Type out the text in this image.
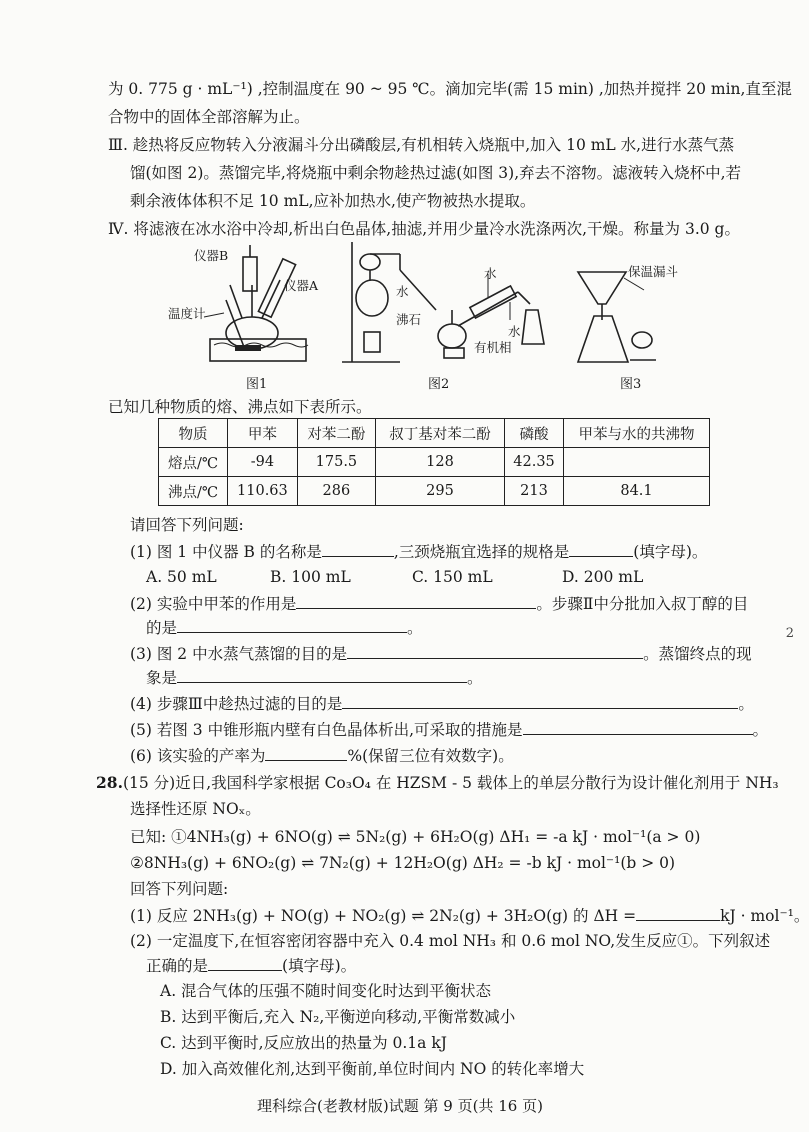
为 0. 775 g · mL⁻¹) ,控制温度在 90 ~ 95 ℃。滴加完毕(需 15 min) ,加热并搅拌 20 min,直至混
合物中的固体全部溶解为止。
Ⅲ. 趁热将反应物转入分液漏斗分出磷酸层,有机相转入烧瓶中,加入 10 mL 水,进行水蒸气蒸
馏(如图 2)。蒸馏完毕,将烧瓶中剩余物趁热过滤(如图 3),弃去不溶物。滤液转入烧杯中,若
剩余液体体积不足 10 mL,应补加热水,使产物被热水提取。
Ⅳ. 将滤液在冰水浴中冷却,析出白色晶体,抽滤,并用少量冷水洗涤两次,干燥。称量为 3.0 g。
仪器B
仪器A
温度计
图1
水
沸石
水
水
有机相
图2
保温漏斗
图3
已知几种物质的熔、沸点如下表所示。
物质	甲苯	对苯二酚	叔丁基对苯二酚	磷酸	甲苯与水的共沸物
熔点/℃	-94	175.5	128	42.35	
沸点/℃	110.63	286	295	213	84.1
请回答下列问题:
(1) 图 1 中仪器 B 的名称是	,三颈烧瓶宜选择的规格是	(填字母)。
A. 50 mL	B. 100 mL	C. 150 mL	D. 200 mL
(2) 实验中甲苯的作用是	。步骤Ⅱ中分批加入叔丁醇的目
的是	。
(3) 图 2 中水蒸气蒸馏的目的是	。蒸馏终点的现
象是	。
(4) 步骤Ⅲ中趁热过滤的目的是	。
(5) 若图 3 中锥形瓶内壁有白色晶体析出,可采取的措施是	。
(6) 该实验的产率为	%(保留三位有效数字)。
28.(15 分)近日,我国科学家根据 Co₃O₄ 在 HZSM - 5 载体上的单层分散行为设计催化剂用于 NH₃
选择性还原 NOₓ。
已知: ①4NH₃(g) + 6NO(g) ⇌ 5N₂(g) + 6H₂O(g) ΔH₁ = -a kJ · mol⁻¹(a > 0)
②8NH₃(g) + 6NO₂(g) ⇌ 7N₂(g) + 12H₂O(g) ΔH₂ = -b kJ · mol⁻¹(b > 0)
回答下列问题:
(1) 反应 2NH₃(g) + NO(g) + NO₂(g) ⇌ 2N₂(g) + 3H₂O(g) 的 ΔH =	kJ · mol⁻¹。
(2) 一定温度下,在恒容密闭容器中充入 0.4 mol NH₃ 和 0.6 mol NO,发生反应①。下列叙述
正确的是	(填字母)。
A. 混合气体的压强不随时间变化时达到平衡状态
B. 达到平衡后,充入 N₂,平衡逆向移动,平衡常数减小
C. 达到平衡时,反应放出的热量为 0.1a kJ
D. 加入高效催化剂,达到平衡前,单位时间内 NO 的转化率增大
2
理科综合(老教材版)试题 第 9 页(共 16 页)
